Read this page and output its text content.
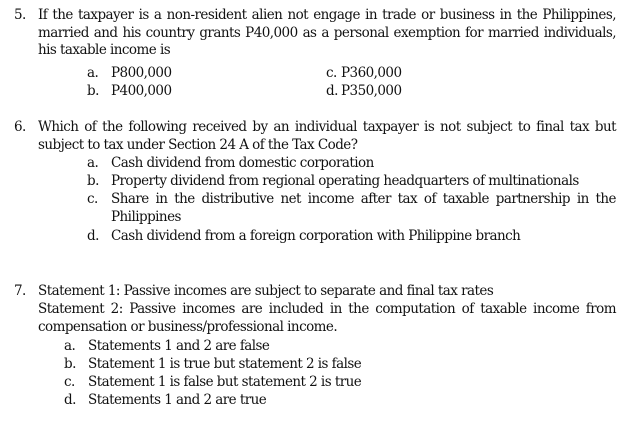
5. If the taxpayer is a non-resident alien not engage in trade or business in the Philippines, married and his country grants P40,000 as a personal exemption for married individuals, his taxable income is
a. P800,000
b. P400,000
c. P360,000
d. P350,000
6. Which of the following received by an individual taxpayer is not subject to final tax but subject to tax under Section 24 A of the Tax Code?
a. Cash dividend from domestic corporation
b. Property dividend from regional operating headquarters of multinationals
c. Share in the distributive net income after tax of taxable partnership in the Philippines
d. Cash dividend from a foreign corporation with Philippine branch
7. Statement 1: Passive incomes are subject to separate and final tax rates
Statement 2: Passive incomes are included in the computation of taxable income from compensation or business/professional income.
a. Statements 1 and 2 are false
b. Statement 1 is true but statement 2 is false
c. Statement 1 is false but statement 2 is true
d. Statements 1 and 2 are true
